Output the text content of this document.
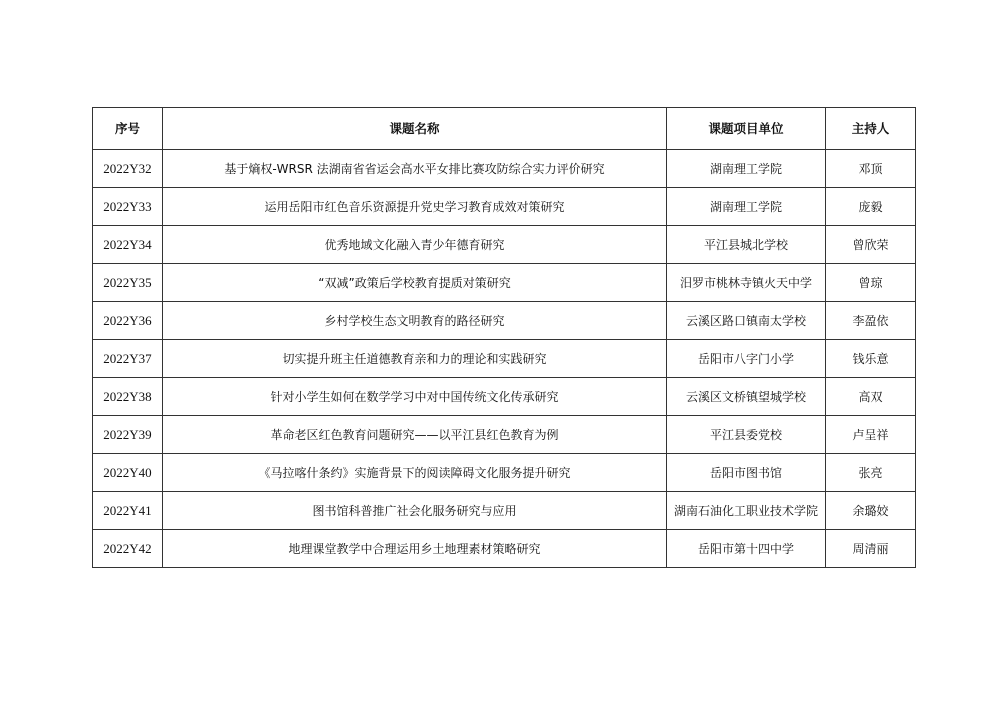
序号	课题名称	课题项目单位	主持人
2022Y32	基于熵权-WRSR 法湖南省省运会高水平女排比赛攻防综合实力评价研究	湖南理工学院	邓顶
2022Y33	运用岳阳市红色音乐资源提升党史学习教育成效对策研究	湖南理工学院	庞毅
2022Y34	优秀地域文化融入青少年德育研究	平江县城北学校	曾欣荣
2022Y35	“双减”政策后学校教育提质对策研究	汨罗市桃林寺镇火天中学	曾琼
2022Y36	乡村学校生态文明教育的路径研究	云溪区路口镇南太学校	李盈依
2022Y37	切实提升班主任道德教育亲和力的理论和实践研究	岳阳市八字门小学	钱乐意
2022Y38	针对小学生如何在数学学习中对中国传统文化传承研究	云溪区文桥镇望城学校	高双
2022Y39	革命老区红色教育问题研究——以平江县红色教育为例	平江县委党校	卢呈祥
2022Y40	《马拉喀什条约》实施背景下的阅读障碍文化服务提升研究	岳阳市图书馆	张亮
2022Y41	图书馆科普推广社会化服务研究与应用	湖南石油化工职业技术学院	余璐姣
2022Y42	地理课堂教学中合理运用乡土地理素材策略研究	岳阳市第十四中学	周清丽
